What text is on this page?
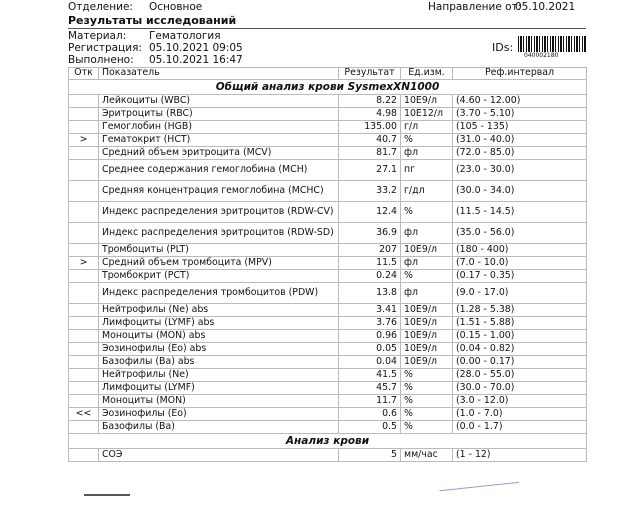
Отделение: Основное	Направление от:
05.10.2021
Результаты исследований
Материал: Гематология
Регистрация: 05.10.2021 09:05
Выполнено: 05.10.2021 16:47
IDs:
040002180
Отк	Показатель	Результат	Ед.изм.	Реф.интервал
Общий анализ крови SysmexXN1000				
	Лейкоциты (WBC)	8.22	10E9/л	(4.60 - 12.00)
	Эритроциты (RBC)	4.98	10E12/л	(3.70 - 5.10)
	Гемоглобин (HGB)	135.00	г/л	(105 - 135)
>	Гематокрит (HCT)	40.7	%	(31.0 - 40.0)
	Средний объем эритроцита (MCV)	81.7	фл	(72.0 - 85.0)
	Среднее содержания гемоглобина (MCH)	27.1	пг	(23.0 - 30.0)
	Средняя концентрация гемоглобина (MCHC)	33.2	г/дл	(30.0 - 34.0)
	Индекс распределения эритроцитов (RDW-CV)	12.4	%	(11.5 - 14.5)
	Индекс распределения эритроцитов (RDW-SD)	36.9	фл	(35.0 - 56.0)
	Тромбоциты (PLT)	207	10E9/л	(180 - 400)
>	Средний объем тромбоцита (MPV)	11.5	фл	(7.0 - 10.0)
	Тромбокрит (PCT)	0.24	%	(0.17 - 0.35)
	Индекс распределения тромбоцитов (PDW)	13.8	фл	(9.0 - 17.0)
	Нейтрофилы (Ne) abs	3.41	10E9/л	(1.28 - 5.38)
	Лимфоциты (LYMF) abs	3.76	10E9/л	(1.51 - 5.88)
	Моноциты (MON) abs	0.96	10E9/л	(0.15 - 1.00)
	Эозинофилы (Eo) abs	0.05	10E9/л	(0.04 - 0.82)
	Базофилы (Ba) abs	0.04	10E9/л	(0.00 - 0.17)
	Нейтрофилы (Ne)	41.5	%	(28.0 - 55.0)
	Лимфоциты (LYMF)	45.7	%	(30.0 - 70.0)
	Моноциты (MON)	11.7	%	(3.0 - 12.0)
<<	Эозинофилы (Eo)	0.6	%	(1.0 - 7.0)
	Базофилы (Ba)	0.5	%	(0.0 - 1.7)
Анализ крови				
	СОЭ	5	мм/час	(1 - 12)
